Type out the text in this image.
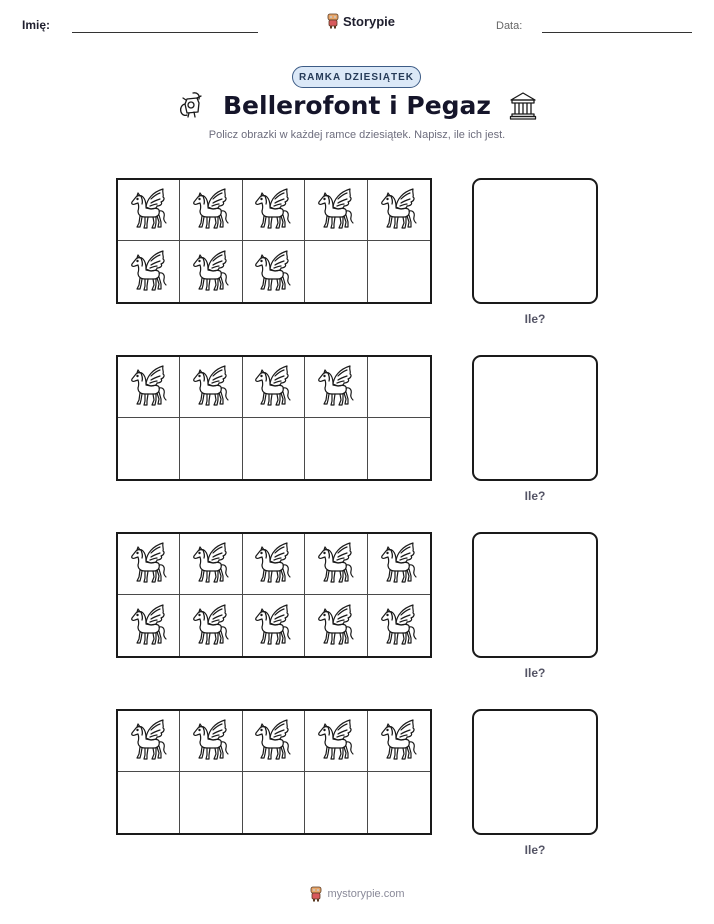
Imię:	Storypie	Data:
RAMKA DZIESIĄTEK
Bellerofont i Pegaz
Policz obrazki w każdej ramce dziesiątek. Napisz, ile ich jest.
Ile?
Ile?
Ile?
Ile?
mystorypie.com
